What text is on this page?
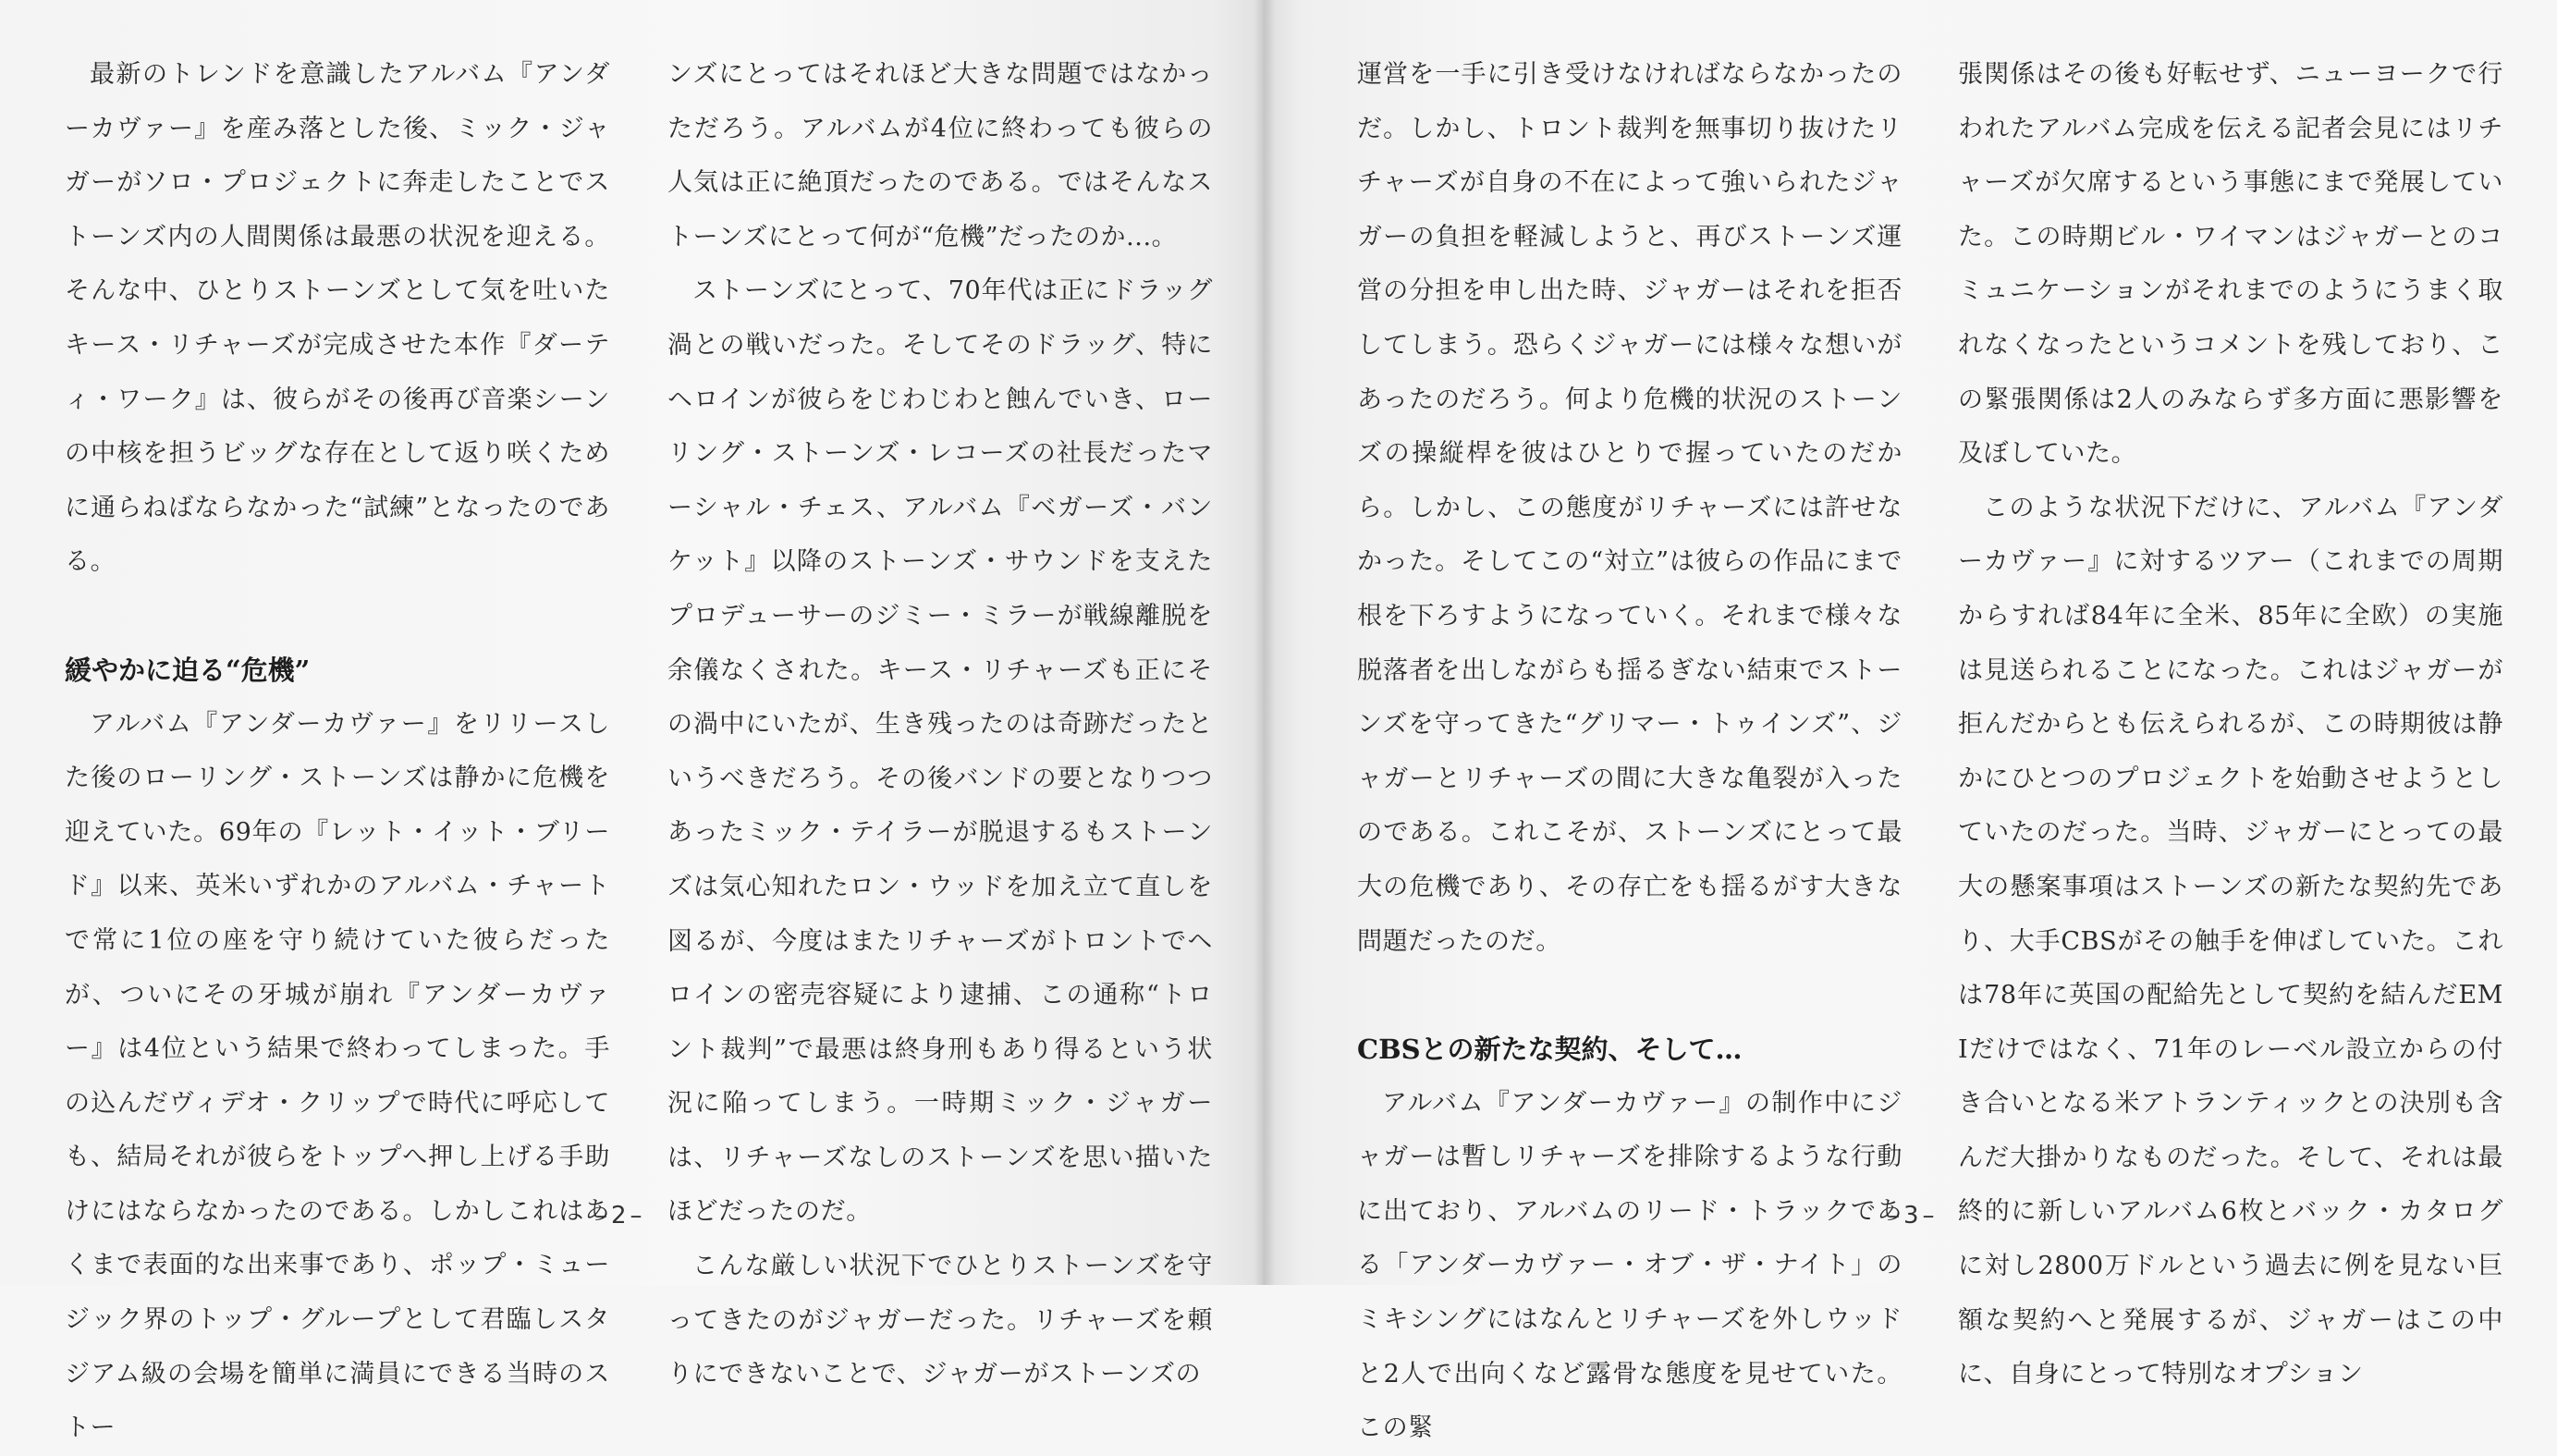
最新のトレンドを意識したアルバム『アンダーカヴァー』を産み落とした後、ミック・ジャガーがソロ・プロジェクトに奔走したことでストーンズ内の人間関係は最悪の状況を迎える。そんな中、ひとりストーンズとして気を吐いたキース・リチャーズが完成させた本作『ダーティ・ワーク』は、彼らがその後再び音楽シーンの中核を担うビッグな存在として返り咲くために通らねばならなかった“試練”となったのである。

緩やかに迫る“危機”

アルバム『アンダーカヴァー』をリリースした後のローリング・ストーンズは静かに危機を迎えていた。69年の『レット・イット・ブリード』以来、英米いずれかのアルバム・チャートで常に1位の座を守り続けていた彼らだったが、ついにその牙城が崩れ『アンダーカヴァー』は4位という結果で終わってしまった。手の込んだヴィデオ・クリップで時代に呼応しても、結局それが彼らをトップへ押し上げる手助けにはならなかったのである。しかしこれはあくまで表面的な出来事であり、ポップ・ミュージック界のトップ・グループとして君臨しスタジアム級の会場を簡単に満員にできる当時のストー

ンズにとってはそれほど大きな問題ではなかっただろう。アルバムが4位に終わっても彼らの人気は正に絶頂だったのである。ではそんなストーンズにとって何が“危機”だったのか...。

ストーンズにとって、70年代は正にドラッグ渦との戦いだった。そしてそのドラッグ、特にヘロインが彼らをじわじわと蝕んでいき、ローリング・ストーンズ・レコーズの社長だったマーシャル・チェス、アルバム『ベガーズ・バンケット』以降のストーンズ・サウンドを支えたプロデューサーのジミー・ミラーが戦線離脱を余儀なくされた。キース・リチャーズも正にその渦中にいたが、生き残ったのは奇跡だったというべきだろう。その後バンドの要となりつつあったミック・テイラーが脱退するもストーンズは気心知れたロン・ウッドを加え立て直しを図るが、今度はまたリチャーズがトロントでヘロインの密売容疑により逮捕、この通称“トロント裁判”で最悪は終身刑もあり得るという状況に陥ってしまう。一時期ミック・ジャガーは、リチャーズなしのストーンズを思い描いたほどだったのだ。

こんな厳しい状況下でひとりストーンズを守ってきたのがジャガーだった。リチャーズを頼りにできないことで、ジャガーがストーンズの

–2–

運営を一手に引き受けなければならなかったのだ。しかし、トロント裁判を無事切り抜けたリチャーズが自身の不在によって強いられたジャガーの負担を軽減しようと、再びストーンズ運営の分担を申し出た時、ジャガーはそれを拒否してしまう。恐らくジャガーには様々な想いがあったのだろう。何より危機的状況のストーンズの操縦桿を彼はひとりで握っていたのだから。しかし、この態度がリチャーズには許せなかった。そしてこの“対立”は彼らの作品にまで根を下ろすようになっていく。それまで様々な脱落者を出しながらも揺るぎない結束でストーンズを守ってきた“グリマー・トゥインズ”、ジャガーとリチャーズの間に大きな亀裂が入ったのである。これこそが、ストーンズにとって最大の危機であり、その存亡をも揺るがす大きな問題だったのだ。

CBSとの新たな契約、そして…

アルバム『アンダーカヴァー』の制作中にジャガーは暫しリチャーズを排除するような行動に出ており、アルバムのリード・トラックである「アンダーカヴァー・オブ・ザ・ナイト」のミキシングにはなんとリチャーズを外しウッドと2人で出向くなど露骨な態度を見せていた。この緊

張関係はその後も好転せず、ニューヨークで行われたアルバム完成を伝える記者会見にはリチャーズが欠席するという事態にまで発展していた。この時期ビル・ワイマンはジャガーとのコミュニケーションがそれまでのようにうまく取れなくなったというコメントを残しており、この緊張関係は2人のみならず多方面に悪影響を及ぼしていた。

このような状況下だけに、アルバム『アンダーカヴァー』に対するツアー（これまでの周期からすれば84年に全米、85年に全欧）の実施は見送られることになった。これはジャガーが拒んだからとも伝えられるが、この時期彼は静かにひとつのプロジェクトを始動させようとしていたのだった。当時、ジャガーにとっての最大の懸案事項はストーンズの新たな契約先であり、大手CBSがその触手を伸ばしていた。これは78年に英国の配給先として契約を結んだEMIだけではなく、71年のレーベル設立からの付き合いとなる米アトランティックとの決別も含んだ大掛かりなものだった。そして、それは最終的に新しいアルバム6枚とバック・カタログに対し2800万ドルという過去に例を見ない巨額な契約へと発展するが、ジャガーはこの中に、自身にとって特別なオプション

–3–
